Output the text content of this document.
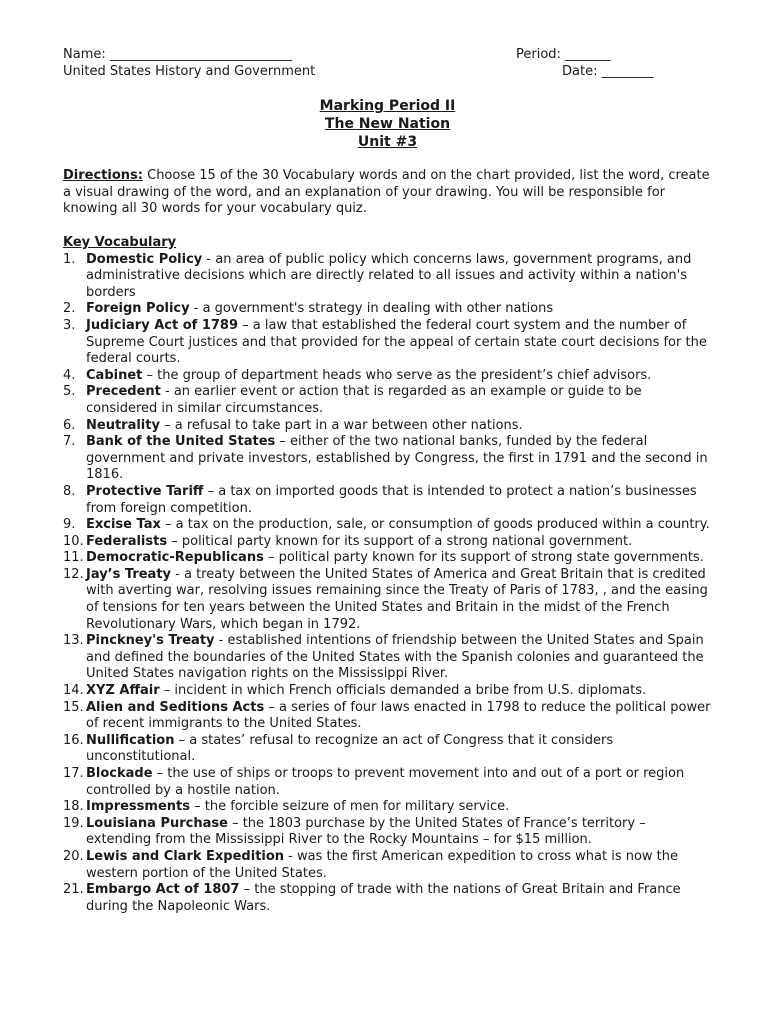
Name: ____________________________
United States History and Government
Period: _______
Date: ________
Marking Period II
The New Nation
Unit #3
Directions: Choose 15 of the 30 Vocabulary words and on the chart provided, list the word, create a visual drawing of the word, and an explanation of your drawing. You will be responsible for knowing all 30 words for your vocabulary quiz.
Key Vocabulary
1. Domestic Policy - an area of public policy which concerns laws, government programs, and administrative decisions which are directly related to all issues and activity within a nation's borders
2. Foreign Policy - a government's strategy in dealing with other nations
3. Judiciary Act of 1789 – a law that established the federal court system and the number of Supreme Court justices and that provided for the appeal of certain state court decisions for the federal courts.
4. Cabinet – the group of department heads who serve as the president’s chief advisors.
5. Precedent - an earlier event or action that is regarded as an example or guide to be considered in similar circumstances.
6. Neutrality – a refusal to take part in a war between other nations.
7. Bank of the United States – either of the two national banks, funded by the federal government and private investors, established by Congress, the first in 1791 and the second in 1816.
8. Protective Tariff – a tax on imported goods that is intended to protect a nation’s businesses from foreign competition.
9. Excise Tax – a tax on the production, sale, or consumption of goods produced within a country.
10. Federalists – political party known for its support of a strong national government.
11. Democratic-Republicans – political party known for its support of strong state governments.
12. Jay’s Treaty - a treaty between the United States of America and Great Britain that is credited with averting war, resolving issues remaining since the Treaty of Paris of 1783, , and the easing of tensions for ten years between the United States and Britain in the midst of the French Revolutionary Wars, which began in 1792.
13. Pinckney's Treaty - established intentions of friendship between the United States and Spain and defined the boundaries of the United States with the Spanish colonies and guaranteed the United States navigation rights on the Mississippi River.
14. XYZ Affair – incident in which French officials demanded a bribe from U.S. diplomats.
15. Alien and Seditions Acts – a series of four laws enacted in 1798 to reduce the political power of recent immigrants to the United States.
16. Nullification – a states’ refusal to recognize an act of Congress that it considers unconstitutional.
17. Blockade – the use of ships or troops to prevent movement into and out of a port or region controlled by a hostile nation.
18. Impressments – the forcible seizure of men for military service.
19. Louisiana Purchase – the 1803 purchase by the United States of France’s territory – extending from the Mississippi River to the Rocky Mountains – for $15 million.
20. Lewis and Clark Expedition - was the first American expedition to cross what is now the western portion of the United States.
21. Embargo Act of 1807 – the stopping of trade with the nations of Great Britain and France during the Napoleonic Wars.
